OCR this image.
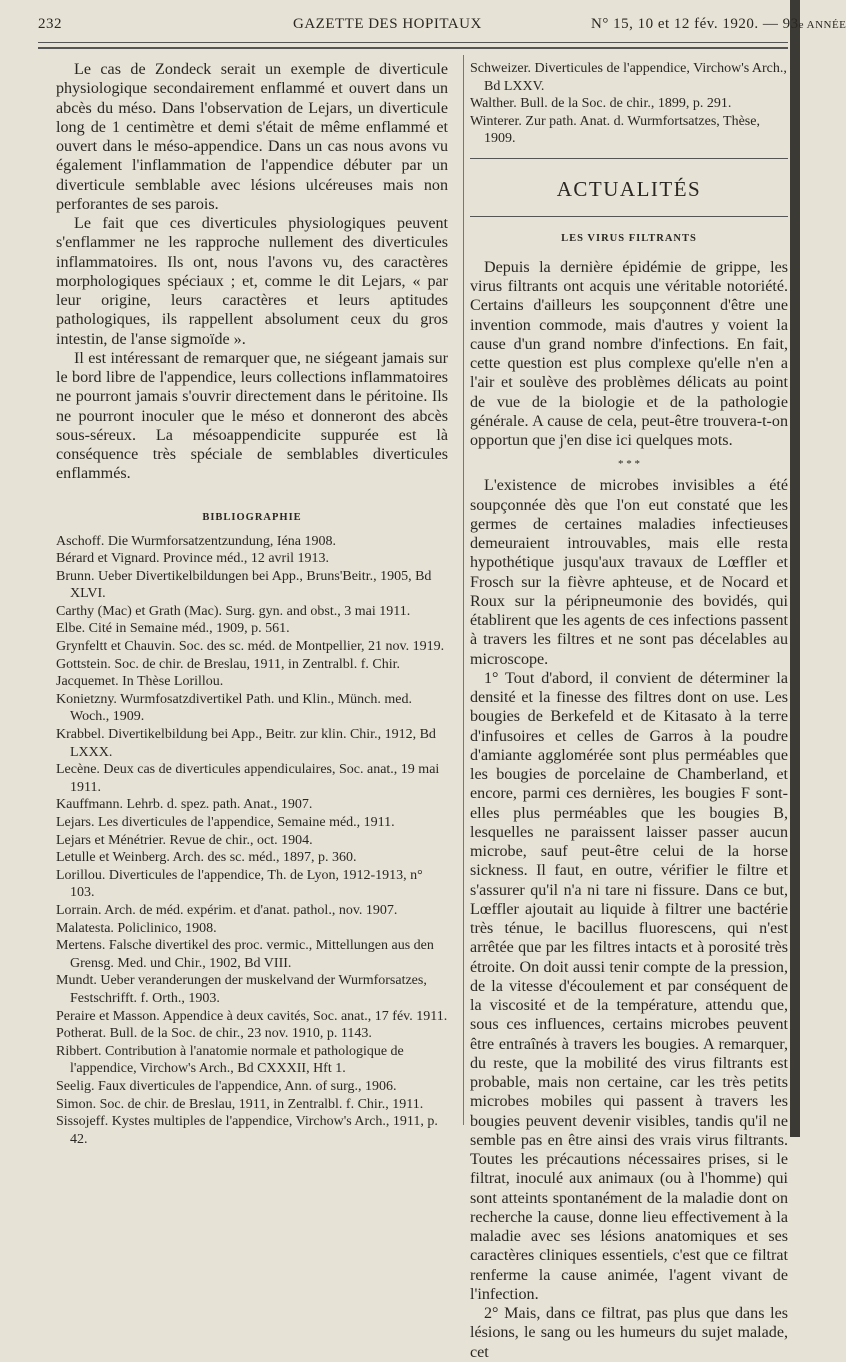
232	GAZETTE DES HOPITAUX	N° 15, 10 et 12 fév. 1920. — 93e ANNÉE

Le cas de Zondeck serait un exemple de diverticule physiologique secondairement enflammé et ouvert dans un abcès du méso. Dans l'observation de Lejars, un diverticule long de 1 centimètre et demi s'était de même enflammé et ouvert dans le méso-appendice. Dans un cas nous avons vu également l'inflammation de l'appendice débuter par un diverticule semblable avec lésions ulcéreuses mais non perforantes de ses parois.

Le fait que ces diverticules physiologiques peuvent s'enflammer ne les rapproche nullement des diverticules inflammatoires. Ils ont, nous l'avons vu, des caractères morphologiques spéciaux ; et, comme le dit Lejars, « par leur origine, leurs caractères et leurs aptitudes pathologiques, ils rappellent absolument ceux du gros intestin, de l'anse sigmoïde ».

Il est intéressant de remarquer que, ne siégeant jamais sur le bord libre de l'appendice, leurs collections inflammatoires ne pourront jamais s'ouvrir directement dans le péritoine. Ils ne pourront inoculer que le méso et donneront des abcès sous-séreux. La mésoappendicite suppurée est là conséquence très spéciale de semblables diverticules enflammés.

BIBLIOGRAPHIE
Aschoff. Die Wurmforsatzentzundung, Iéna 1908.
Bérard et Vignard. Province méd., 12 avril 1913.
Brunn. Ueber Divertikelbildungen bei App., Bruns'Beitr., 1905, Bd XLVI.
Carthy (Mac) et Grath (Mac). Surg. gyn. and obst., 3 mai 1911.
Elbe. Cité in Semaine méd., 1909, p. 561.
Grynfeltt et Chauvin. Soc. des sc. méd. de Montpellier, 21 nov. 1919.
Gottstein. Soc. de chir. de Breslau, 1911, in Zentralbl. f. Chir.
Jacquemet. In Thèse Lorillou.
Konietzny. Wurmfosatzdivertikel Path. und Klin., Münch. med. Woch., 1909.
Krabbel. Divertikelbildung bei App., Beitr. zur klin. Chir., 1912, Bd LXXX.
Lecène. Deux cas de diverticules appendiculaires, Soc. anat., 19 mai 1911.
Kauffmann. Lehrb. d. spez. path. Anat., 1907.
Lejars. Les diverticules de l'appendice, Semaine méd., 1911.
Lejars et Ménétrier. Revue de chir., oct. 1904.
Letulle et Weinberg. Arch. des sc. méd., 1897, p. 360.
Lorillou. Diverticules de l'appendice, Th. de Lyon, 1912-1913, n° 103.
Lorrain. Arch. de méd. expérim. et d'anat. pathol., nov. 1907.
Malatesta. Policlinico, 1908.
Mertens. Falsche divertikel des proc. vermic., Mittellungen aus den Grensg. Med. und Chir., 1902, Bd VIII.
Mundt. Ueber veranderungen der muskelvand der Wurmforsatzes, Festschrifft. f. Orth., 1903.
Peraire et Masson. Appendice à deux cavités, Soc. anat., 17 fév. 1911.
Potherat. Bull. de la Soc. de chir., 23 nov. 1910, p. 1143.
Ribbert. Contribution à l'anatomie normale et pathologique de l'appendice, Virchow's Arch., Bd CXXXII, Hft 1.
Seelig. Faux diverticules de l'appendice, Ann. of surg., 1906.
Simon. Soc. de chir. de Breslau, 1911, in Zentralbl. f. Chir., 1911.
Sissojeff. Kystes multiples de l'appendice, Virchow's Arch., 1911, p. 42.
Schweizer. Diverticules de l'appendice, Virchow's Arch., Bd LXXV.
Walther. Bull. de la Soc. de chir., 1899, p. 291.
Winterer. Zur path. Anat. d. Wurmfortsatzes, Thèse, 1909.
ACTUALITÉS
LES VIRUS FILTRANTS

Depuis la dernière épidémie de grippe, les virus filtrants ont acquis une véritable notoriété. Certains d'ailleurs les soupçonnent d'être une invention commode, mais d'autres y voient la cause d'un grand nombre d'infections. En fait, cette question est plus complexe qu'elle n'en a l'air et soulève des problèmes délicats au point de vue de la biologie et de la pathologie générale. A cause de cela, peut-être trouvera-t-on opportun que j'en dise ici quelques mots.

* * *

L'existence de microbes invisibles a été soupçonnée dès que l'on eut constaté que les germes de certaines maladies infectieuses demeuraient introuvables, mais elle resta hypothétique jusqu'aux travaux de Lœffler et Frosch sur la fièvre aphteuse, et de Nocard et Roux sur la péripneumonie des bovidés, qui établirent que les agents de ces infections passent à travers les filtres et ne sont pas décelables au microscope.

1° Tout d'abord, il convient de déterminer la densité et la finesse des filtres dont on use. Les bougies de Berkefeld et de Kitasato à la terre d'infusoires et celles de Garros à la poudre d'amiante agglomérée sont plus perméables que les bougies de porcelaine de Chamberland, et encore, parmi ces dernières, les bougies F sont-elles plus perméables que les bougies B, lesquelles ne paraissent laisser passer aucun microbe, sauf peut-être celui de la horse sickness. Il faut, en outre, vérifier le filtre et s'assurer qu'il n'a ni tare ni fissure. Dans ce but, Lœffler ajoutait au liquide à filtrer une bactérie très ténue, le bacillus fluorescens, qui n'est arrêtée que par les filtres intacts et à porosité très étroite. On doit aussi tenir compte de la pression, de la vitesse d'écoulement et par conséquent de la viscosité et de la température, attendu que, sous ces influences, certains microbes peuvent être entraînés à travers les bougies. A remarquer, du reste, que la mobilité des virus filtrants est probable, mais non certaine, car les très petits microbes mobiles qui passent à travers les bougies peuvent devenir visibles, tandis qu'il ne semble pas en être ainsi des vrais virus filtrants. Toutes les précautions nécessaires prises, si le filtrat, inoculé aux animaux (ou à l'homme) qui sont atteints spontanément de la maladie dont on recherche la cause, donne lieu effectivement à la maladie avec ses lésions anatomiques et ses caractères cliniques essentiels, c'est que ce filtrat renferme la cause animée, l'agent vivant de l'infection.

2° Mais, dans ce filtrat, pas plus que dans les lésions, le sang ou les humeurs du sujet malade, cet
